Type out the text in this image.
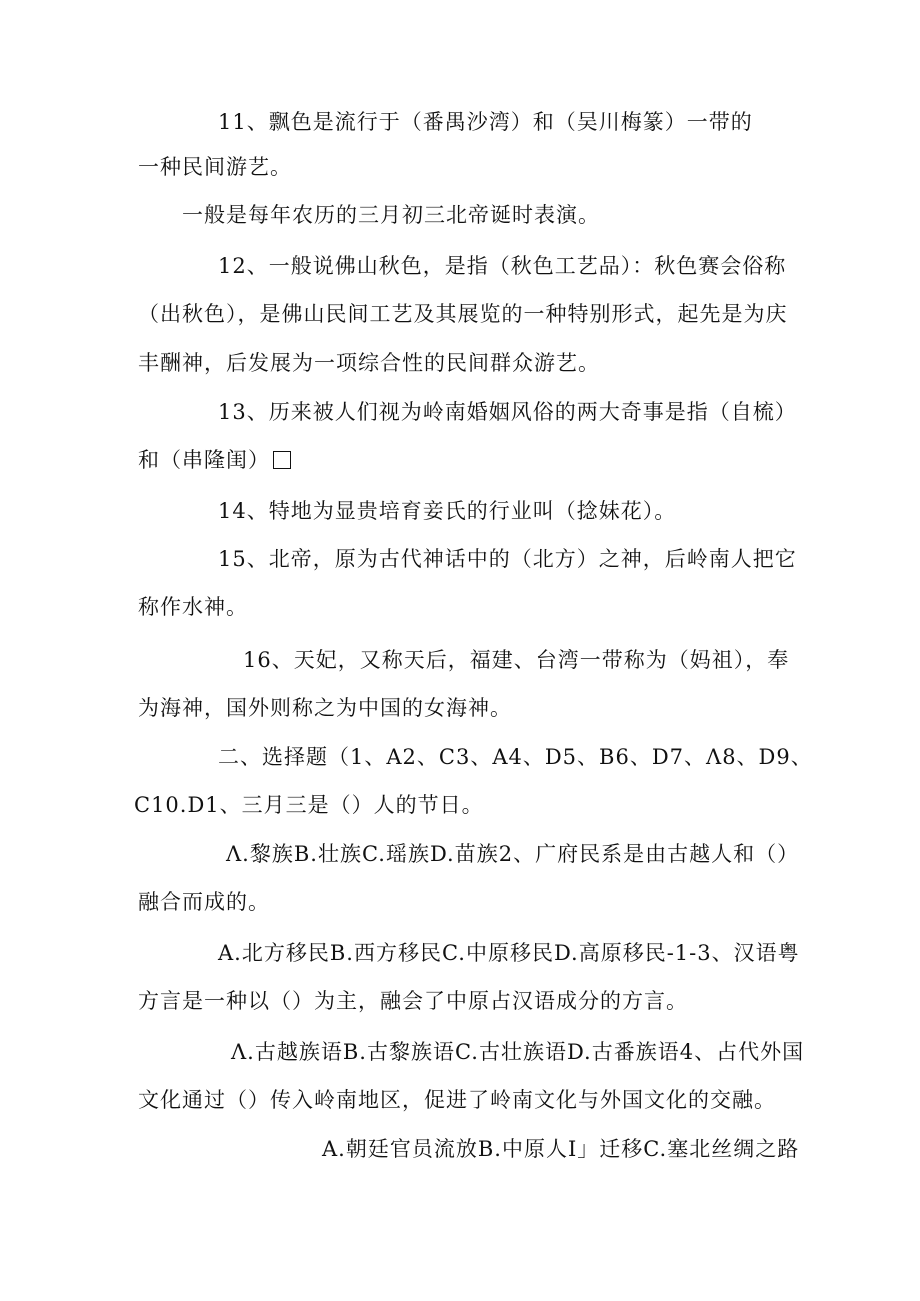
11、飘色是流行于（番禺沙湾）和（吴川梅篆）一带的
一种民间游艺。
一般是每年农历的三月初三北帝诞时表演。
12、一般说佛山秋色，是指（秋色工艺品）：秋色赛会俗称
（出秋色），是佛山民间工艺及其展览的一种特别形式，起先是为庆
丰酬神，后发展为一项综合性的民间群众游艺。
13、历来被人们视为岭南婚姻风俗的两大奇事是指（自梳）
和（串隆闺）
14、特地为显贵培育妾氏的行业叫（捻妹花）。
15、北帝，原为古代神话中的（北方）之神，后岭南人把它
称作水神。
16、天妃，又称天后，福建、台湾一带称为（妈祖），奉
为海神，国外则称之为中国的女海神。
二、选择题（1、A2、C3、A4、D5、B6、D7、Λ8、D9、
C10.D1、三月三是（）人的节日。
Λ.黎族B.壮族C.瑶族D.苗族2、广府民系是由古越人和（）
融合而成的。
A.北方移民B.西方移民C.中原移民D.高原移民-1-3、汉语粤
方言是一种以（）为主，融会了中原占汉语成分的方言。
Λ.古越族语B.古黎族语C.古壮族语D.古番族语4、占代外国
文化通过（）传入岭南地区，促进了岭南文化与外国文化的交融。
A.朝廷官员流放B.中原人I」迁移C.塞北丝绸之路
